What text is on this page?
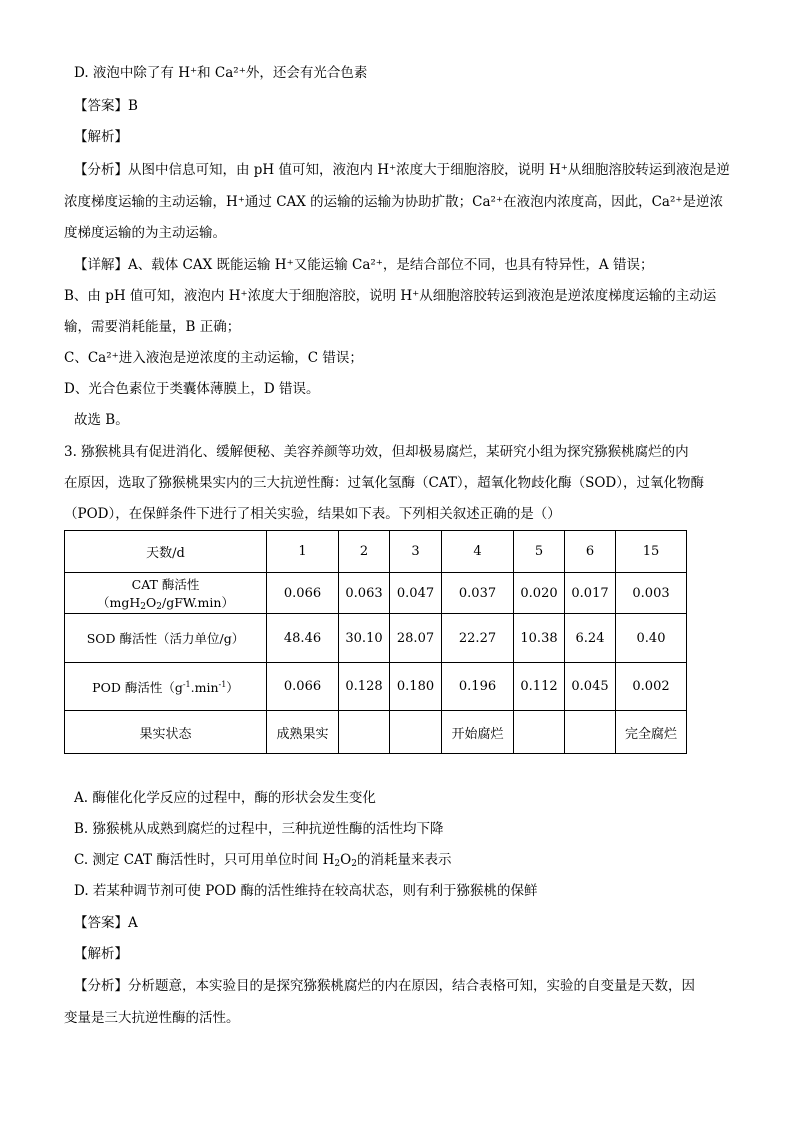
D. 液泡中除了有 H⁺和 Ca²⁺外，还会有光合色素
【答案】B
【解析】
【分析】从图中信息可知，由 pH 值可知，液泡内 H⁺浓度大于细胞溶胶，说明 H⁺从细胞溶胶转运到液泡是逆
浓度梯度运输的主动运输，H⁺通过 CAX 的运输的运输为协助扩散；Ca²⁺在液泡内浓度高，因此，Ca²⁺是逆浓
度梯度运输的为主动运输。
【详解】A、载体 CAX 既能运输 H⁺又能运输 Ca²⁺，是结合部位不同，也具有特异性，A 错误；
B、由 pH 值可知，液泡内 H⁺浓度大于细胞溶胶，说明 H⁺从细胞溶胶转运到液泡是逆浓度梯度运输的主动运
输，需要消耗能量，B 正确；
C、Ca²⁺进入液泡是逆浓度的主动运输，C 错误；
D、光合色素位于类囊体薄膜上，D 错误。
故选 B。
3. 猕猴桃具有促进消化、缓解便秘、美容养颜等功效，但却极易腐烂，某研究小组为探究猕猴桃腐烂的内
在原因，选取了猕猴桃果实内的三大抗逆性酶：过氧化氢酶（CAT），超氧化物歧化酶（SOD），过氧化物酶
（POD），在保鲜条件下进行了相关实验，结果如下表。下列相关叙述正确的是（）
天数/d	1	2	3	4	5	6	15
CAT 酶活性$(mgH_2O_2/gFW.\min)$	0.066	0.063	0.047	0.037	0.020	0.017	0.003
SOD 酶活性（活力单位/g）	48.46	30.10	28.07	22.27	10.38	6.24	0.40
POD 酶活性$(g^{-1}.\min^{-1})$	0.066	0.128	0.180	0.196	0.112	0.045	0.002
果实状态	成熟果实			开始腐烂			完全腐烂
A. 酶催化化学反应的过程中，酶的形状会发生变化
B. 猕猴桃从成熟到腐烂的过程中，三种抗逆性酶的活性均下降
C. 测定 CAT 酶活性时，只可用单位时间 $H_2O_2$的消耗量来表示
D. 若某种调节剂可使 POD 酶的活性维持在较高状态，则有利于猕猴桃的保鲜
【答案】A
【解析】
【分析】分析题意，本实验目的是探究猕猴桃腐烂的内在原因，结合表格可知，实验的自变量是天数，因
变量是三大抗逆性酶的活性。
